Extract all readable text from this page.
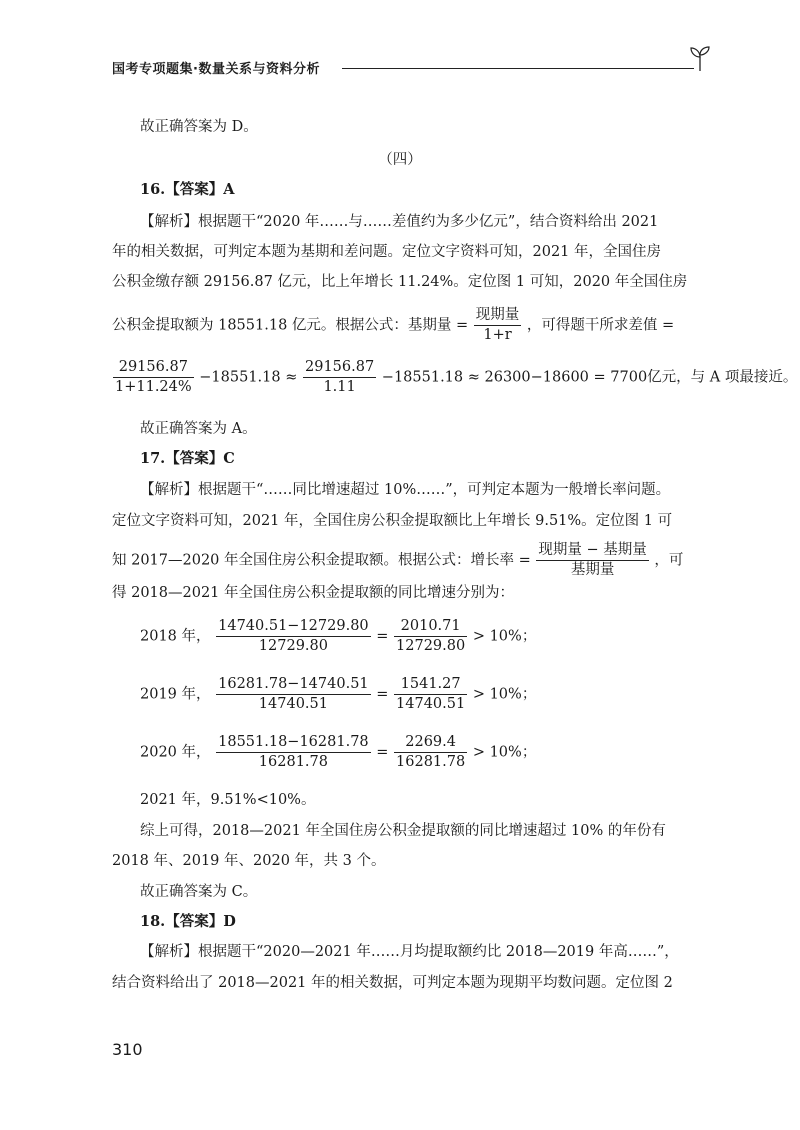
国考专项题集·数量关系与资料分析
故正确答案为 D。
（四）
16.【答案】A
【解析】根据题干“2020 年……与……差值约为多少亿元”，结合资料给出 2021
年的相关数据，可判定本题为基期和差问题。定位文字资料可知，2021 年，全国住房
公积金缴存额 29156.87 亿元，比上年增长 11.24%。定位图 1 可知，2020 年全国住房
公积金提取额为 18551.18 亿元。根据公式：基期量 = $\frac{\text{现期量}}{1+r}$ ，可得题干所求差值 =
$\frac{29156.87}{1+11.24\%} -18551.18 \approx \frac{29156.87}{1.11} -18551.18 \approx 26300-18600 = 7700$亿元，与 A 项最接近。
故正确答案为 A。
17.【答案】C
【解析】根据题干“……同比增速超过 10%……”，可判定本题为一般增长率问题。
定位文字资料可知，2021 年，全国住房公积金提取额比上年增长 9.51%。定位图 1 可
知 2017—2020 年全国住房公积金提取额。根据公式：增长率 = $\frac{\text{现期量 − 基期量}}{\text{基期量}}$ ，可
得 2018—2021 年全国住房公积金提取额的同比增速分别为：
2018 年， $\frac{14740.51-12729.80}{12729.80} = \frac{2010.71}{12729.80} > 10\%$；
2019 年， $\frac{16281.78-14740.51}{14740.51} = \frac{1541.27}{14740.51} > 10\%$；
2020 年， $\frac{18551.18-16281.78}{16281.78} = \frac{2269.4}{16281.78} > 10\%$；
2021 年，9.51%<10%。
综上可得，2018—2021 年全国住房公积金提取额的同比增速超过 10% 的年份有
2018 年、2019 年、2020 年，共 3 个。
故正确答案为 C。
18.【答案】D
【解析】根据题干“2020—2021 年……月均提取额约比 2018—2019 年高……”，
结合资料给出了 2018—2021 年的相关数据，可判定本题为现期平均数问题。定位图 2
310
